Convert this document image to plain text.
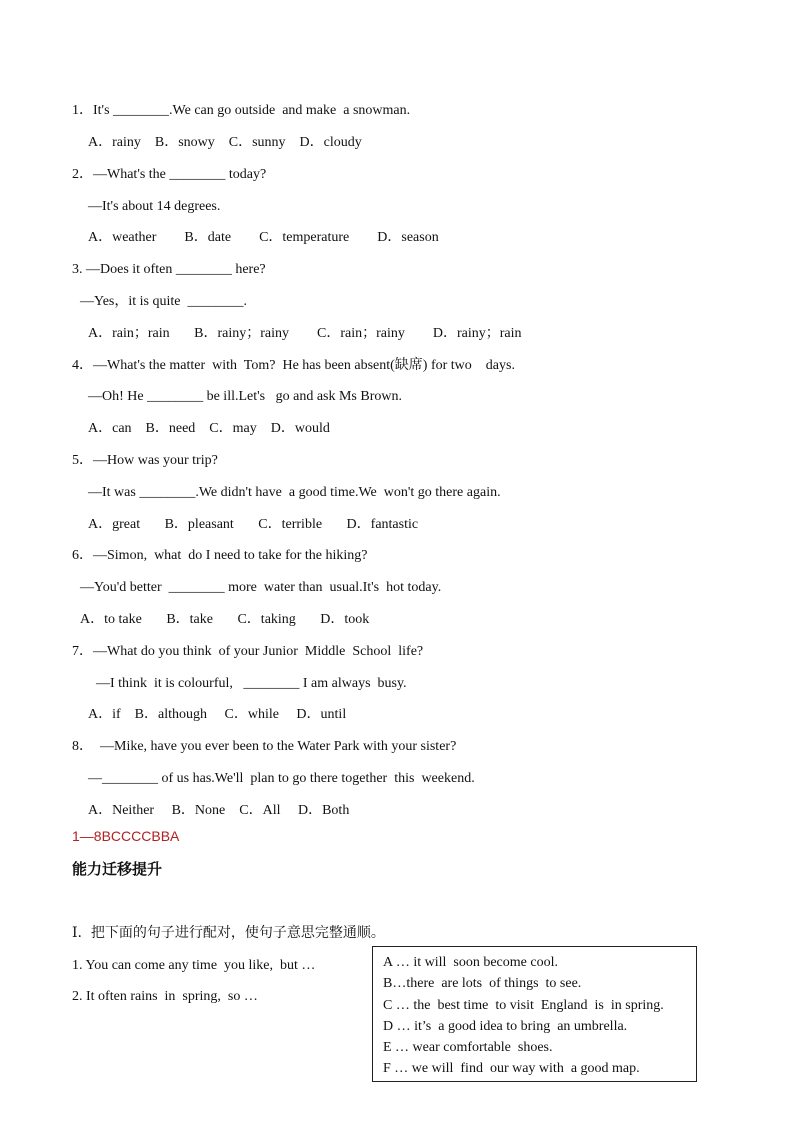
1．It's ________.We can go outside  and make  a snowman.
A．rainy    B．snowy    C．sunny    D．cloudy
2．—What's the ________ today?
—It's about 14 degrees.
A．weather        B．date        C．temperature        D．season
3. —Does it often ________ here?
—Yes，it is quite  ________.
A．rain；rain       B．rainy；rainy        C．rain；rainy        D．rainy；rain
4．—What's the matter  with  Tom?  He has been absent(缺席) for two    days.
—Oh! He ________ be ill.Let's   go and ask Ms Brown.
A．can    B．need    C．may    D．would
5．—How was your trip?
—It was ________.We didn't have  a good time.We  won't go there again.
A．great       B．pleasant       C．terrible       D．fantastic
6．—Simon,  what  do I need to take for the hiking?
—You'd better  ________ more  water than  usual.It's  hot today.
A．to take       B．take       C．taking       D．took
7．—What do you think  of your Junior  Middle  School  life?
—I think  it is colourful,   ________ I am always  busy.
A．if    B．although     C．while     D．until
8．  —Mike, have you ever been to the Water Park with your sister?
—________ of us has.We'll  plan to go there together  this  weekend.
A．Neither     B．None    C．All     D．Both
1—8BCCCCBBA
能力迁移提升
I.  把下面的句子进行配对，使句子意思完整通顺。
1. You can come any time  you like,  but …
2. It often rains  in  spring,  so …
A … it will  soon become cool.
B…there  are lots  of things  to see.
C … the  best time  to visit  England  is  in spring.
D … it’s  a good idea to bring  an umbrella.
E … wear comfortable  shoes.
F … we will  find  our way with  a good map.
